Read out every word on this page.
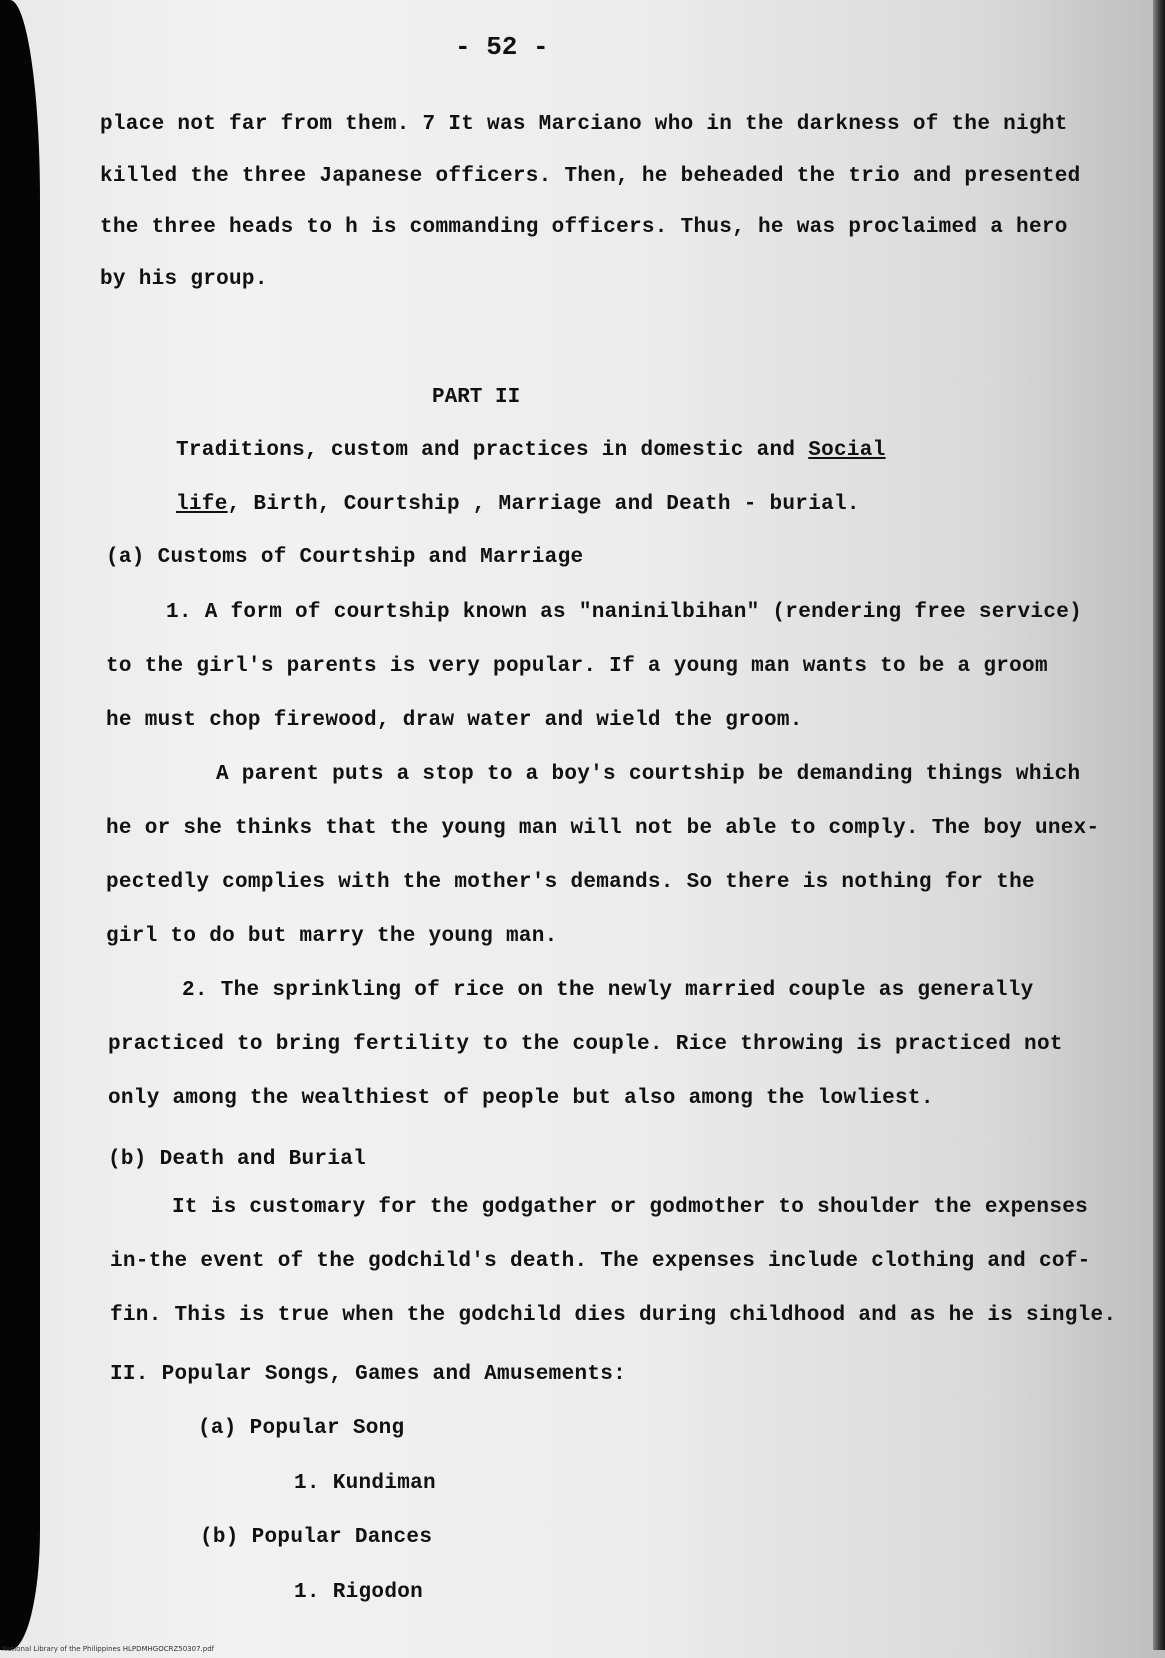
- 52 -
place not far from them. 7 It was Marciano who in the darkness of the night
killed the three Japanese officers. Then, he beheaded the trio and presented
the three heads to h is commanding officers. Thus, he was proclaimed a hero
by his group.
PART II
Traditions, custom and practices in domestic and Social
life, Birth, Courtship , Marriage and Death - burial.
(a) Customs of Courtship and Marriage
1. A form of courtship known as "naninilbihan" (rendering free service)
to the girl's parents is very popular. If a young man wants to be a groom
he must chop firewood, draw water and wield the groom.
A parent puts a stop to a boy's courtship be demanding things which
he or she thinks that the young man will not be able to comply. The boy unex-
pectedly complies with the mother's demands. So there is nothing for the
girl to do but marry the young man.
2. The sprinkling of rice on the newly married couple as generally
practiced to bring fertility to the couple. Rice throwing is practiced not
only among the wealthiest of people but also among the lowliest.
(b) Death and Burial
It is customary for the godgather or godmother to shoulder the expenses
in-the event of the godchild's death. The expenses include clothing and cof-
fin. This is true when the godchild dies during childhood and as he is single.
II. Popular Songs, Games and Amusements:
(a) Popular Song
1. Kundiman
(b) Popular Dances
1. Rigodon
National Library of the Philippines HLPDMHGOCRZ50307.pdf
